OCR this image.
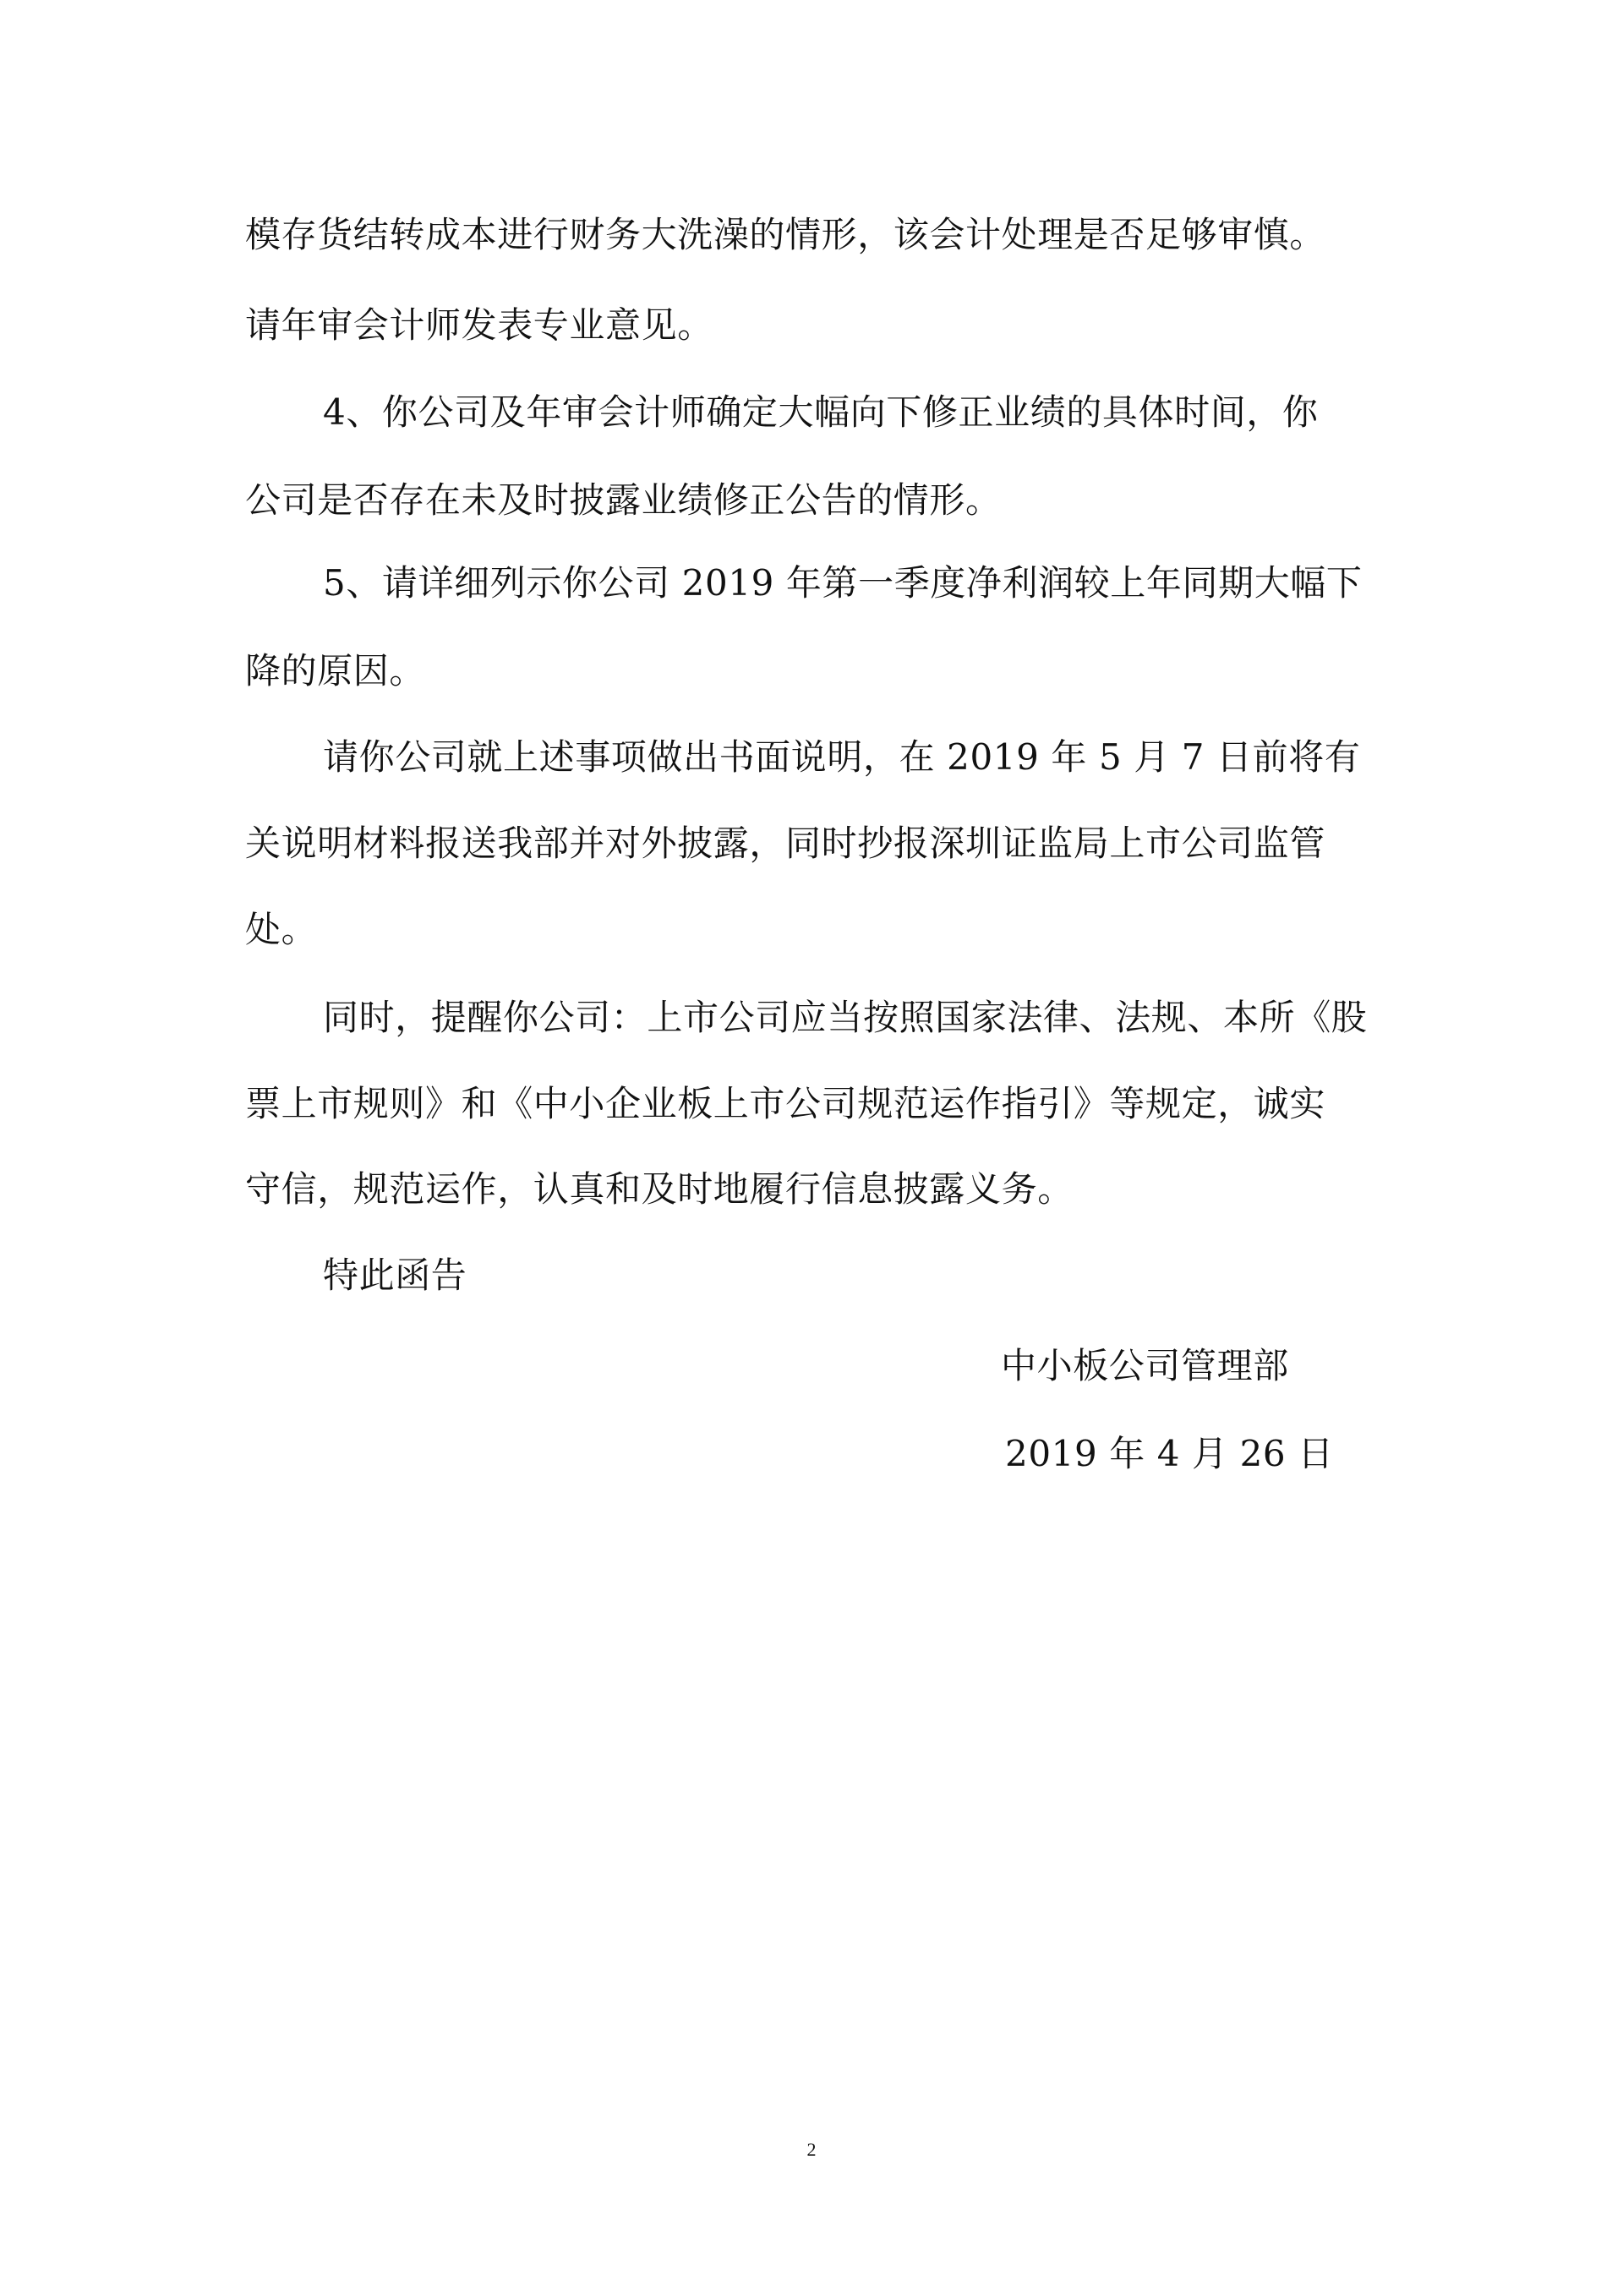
模存货结转成本进行财务大洗澡的情形，该会计处理是否足够审慎。
请年审会计师发表专业意见。
4、你公司及年审会计师确定大幅向下修正业绩的具体时间，你
公司是否存在未及时披露业绩修正公告的情形。
5、请详细列示你公司 2019 年第一季度净利润较上年同期大幅下
降的原因。
请你公司就上述事项做出书面说明，在 2019 年 5 月 7 日前将有
关说明材料报送我部并对外披露，同时抄报深圳证监局上市公司监管
处。
同时，提醒你公司：上市公司应当按照国家法律、法规、本所《股
票上市规则》和《中小企业板上市公司规范运作指引》等规定，诚实
守信，规范运作，认真和及时地履行信息披露义务。
特此函告
中小板公司管理部
2019 年 4 月 26 日
2
